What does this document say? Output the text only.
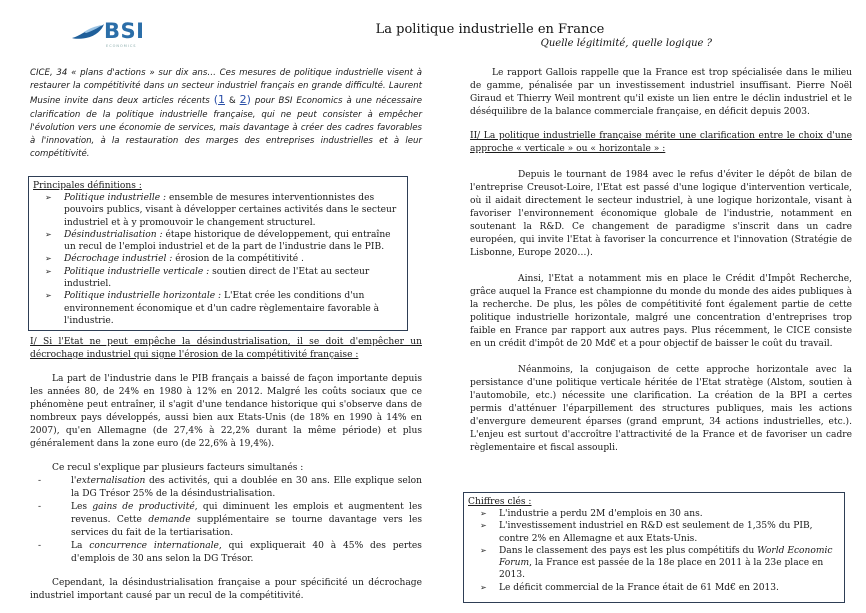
BSI
ECONOMICS
La politique industrielle en France
Quelle légitimité, quelle logique ?
CICE, 34 « plans d'actions » sur dix ans… Ces mesures de politique industrielle visent à restaurer la compétitivité dans un secteur industriel français en grande difficulté. Laurent Musine invite dans deux articles récents (1 & 2) pour BSI Economics à une nécessaire clarification de la politique industrielle française, qui ne peut consister à empêcher l'évolution vers une économie de services, mais davantage à créer des cadres favorables à l'innovation, à la restauration des marges des entreprises industrielles et à leur compétitivité.
Principales définitions :
➢ Politique industrielle : ensemble de mesures interventionnistes des pouvoirs publics, visant à développer certaines activités dans le secteur industriel et à y promouvoir le changement structurel.
➢ Désindustrialisation : étape historique de développement, qui entraîne un recul de l'emploi industriel et de la part de l'industrie dans le PIB.
➢ Décrochage industriel : érosion de la compétitivité .
➢ Politique industrielle verticale : soutien direct de l'Etat au secteur industriel.
➢ Politique industrielle horizontale : L'Etat crée les conditions d'un environnement économique et d'un cadre règlementaire favorable à l'industrie.

I/ Si l'Etat ne peut empêche la désindustrialisation, il se doit d'empêcher un décrochage industriel qui signe l'érosion de la compétitivité française :

La part de l'industrie dans le PIB français a baissé de façon importante depuis les années 80, de 24% en 1980 à 12% en 2012. Malgré les coûts sociaux que ce phénomène peut entraîner, il s'agit d'une tendance historique qui s'observe dans de nombreux pays développés, aussi bien aux Etats-Unis (de 18% en 1990 à 14% en 2007), qu'en Allemagne (de 27,4% à 22,2% durant la même période) et plus généralement dans la zone euro (de 22,6% à 19,4%).

Ce recul s'explique par plusieurs facteurs simultanés :

-	l'externalisation des activités, qui a doublée en 30 ans. Elle explique selon la DG Trésor 25% de la désindustrialisation.
-	Les gains de productivité, qui diminuent les emplois et augmentent les revenus. Cette demande supplémentaire se tourne davantage vers les services du fait de la tertiarisation.
-	La concurrence internationale, qui expliquerait 40 à 45% des pertes d'emplois de 30 ans selon la DG Trésor.

Cependant, la désindustrialisation française a pour spécificité un décrochage industriel important causé par un recul de la compétitivité.

Le rapport Gallois rappelle que la France est trop spécialisée dans le milieu de gamme, pénalisée par un investissement industriel insuffisant. Pierre Noël Giraud et Thierry Weil montrent qu'il existe un lien entre le déclin industriel et le déséquilibre de la balance commerciale française, en déficit depuis 2003.

II/ La politique industrielle française mérite une clarification entre le choix d'une approche « verticale » ou « horizontale » :

Depuis le tournant de 1984 avec le refus d'éviter le dépôt de bilan de l'entreprise Creusot-Loire, l'Etat est passé d'une logique d'intervention verticale, où il aidait directement le secteur industriel, à une logique horizontale, visant à favoriser l'environnement économique globale de l'industrie, notamment en soutenant la R&D. Ce changement de paradigme s'inscrit dans un cadre européen, qui invite l'Etat à favoriser la concurrence et l'innovation (Stratégie de Lisbonne, Europe 2020…).

Ainsi, l'Etat a notamment mis en place le Crédit d'Impôt Recherche, grâce auquel la France est championne du monde du monde des aides publiques à la recherche. De plus, les pôles de compétitivité font également partie de cette politique industrielle horizontale, malgré une concentration d'entreprises trop faible en France par rapport aux autres pays. Plus récemment, le CICE consiste en un crédit d'impôt de 20 Md€ et a pour objectif de baisser le coût du travail.

Néanmoins, la conjugaison de cette approche horizontale avec la persistance d'une politique verticale héritée de l'Etat stratège (Alstom, soutien à l'automobile, etc.) nécessite une clarification. La création de la BPI a certes permis d'atténuer l'éparpillement des structures publiques, mais les actions d'envergure demeurent éparses (grand emprunt, 34 actions industrielles, etc.). L'enjeu est surtout d'accroître l'attractivité de la France et de favoriser un cadre règlementaire et fiscal assoupli.

Chiffres clés :
➢ L'industrie a perdu 2M d'emplois en 30 ans.
➢ L'investissement industriel en R&D est seulement de 1,35% du PIB, contre 2% en Allemagne et aux Etats-Unis.
➢ Dans le classement des pays est les plus compétitifs du World Economic Forum, la France est passée de la 18e place en 2011 à la 23e place en 2013.
➢ Le déficit commercial de la France était de 61 Md€ en 2013.
